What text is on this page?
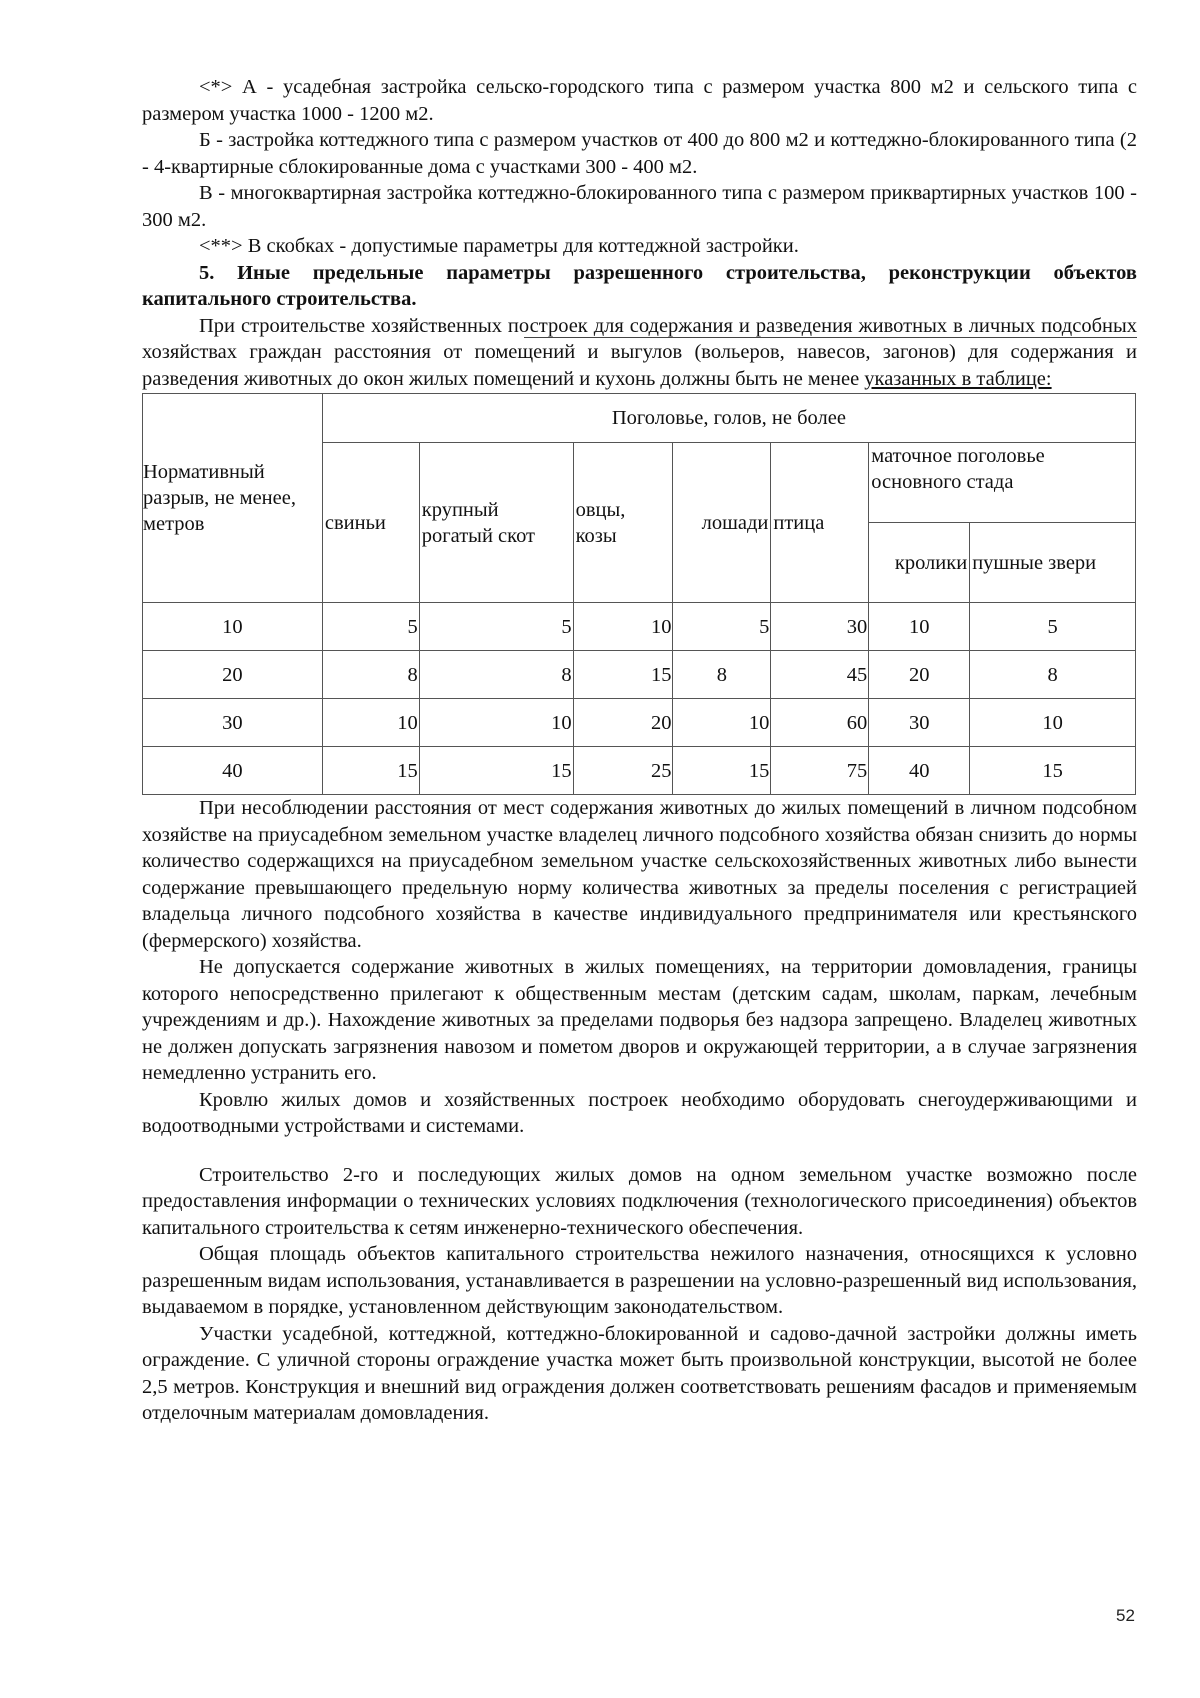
<*> А - усадебная застройка сельско-городского типа с размером участка 800 м2 и сельского типа с размером участка 1000 - 1200 м2.

Б - застройка коттеджного типа с размером участков от 400 до 800 м2 и коттеджно-блокированного типа (2 - 4-квартирные сблокированные дома с участками 300 - 400 м2.

В - многоквартирная застройка коттеджно-блокированного типа с размером приквартирных участков 100 - 300 м2.

<**> В скобках - допустимые параметры для коттеджной застройки.

5. Иные предельные параметры разрешенного строительства, реконструкции объектов капитального строительства.

При строительстве хозяйственных построек для содержания и разведения животных в личных подсобных хозяйствах граждан расстояния от помещений и выгулов (вольеров, навесов, загонов) для содержания и разведения животных до окон жилых помещений и кухонь должны быть не менее указанных в таблице:

Нормативный разрыв, не менее, метров	Поголовье, голов, не более						
	свиньи	крупный рогатый скот	овцы, козы	лошади	птица	маточное поголовье основного стада	
						кролики	пушные звери
10	5	5	10	5	30	10	5
20	8	8	15	8	45	20	8
30	10	10	20	10	60	30	10
40	15	15	25	15	75	40	15

При несоблюдении расстояния от мест содержания животных до жилых помещений в личном подсобном хозяйстве на приусадебном земельном участке владелец личного подсобного хозяйства обязан снизить до нормы количество содержащихся на приусадебном земельном участке сельскохозяйственных животных либо вынести содержание превышающего предельную норму количества животных за пределы поселения с регистрацией владельца личного подсобного хозяйства в качестве индивидуального предпринимателя или крестьянского (фермерского) хозяйства.

Не допускается содержание животных в жилых помещениях, на территории домовладения, границы которого непосредственно прилегают к общественным местам (детским садам, школам, паркам, лечебным учреждениям и др.). Нахождение животных за пределами подворья без надзора запрещено. Владелец животных не должен допускать загрязнения навозом и пометом дворов и окружающей территории, а в случае загрязнения немедленно устранить его.

Кровлю жилых домов и хозяйственных построек необходимо оборудовать снегоудерживающими и водоотводными устройствами и системами.

Строительство 2-го и последующих жилых домов на одном земельном участке возможно после предоставления информации о технических условиях подключения (технологического присоединения) объектов капитального строительства к сетям инженерно-технического обеспечения.

Общая площадь объектов капитального строительства нежилого назначения, относящихся к условно разрешенным видам использования, устанавливается в разрешении на условно-разрешенный вид использования, выдаваемом в порядке, установленном действующим законодательством.

Участки усадебной, коттеджной, коттеджно-блокированной и садово-дачной застройки должны иметь ограждение. С уличной стороны ограждение участка может быть произвольной конструкции, высотой не более 2,5 метров. Конструкция и внешний вид ограждения должен соответствовать решениям фасадов и применяемым отделочным материалам домовладения.

52
